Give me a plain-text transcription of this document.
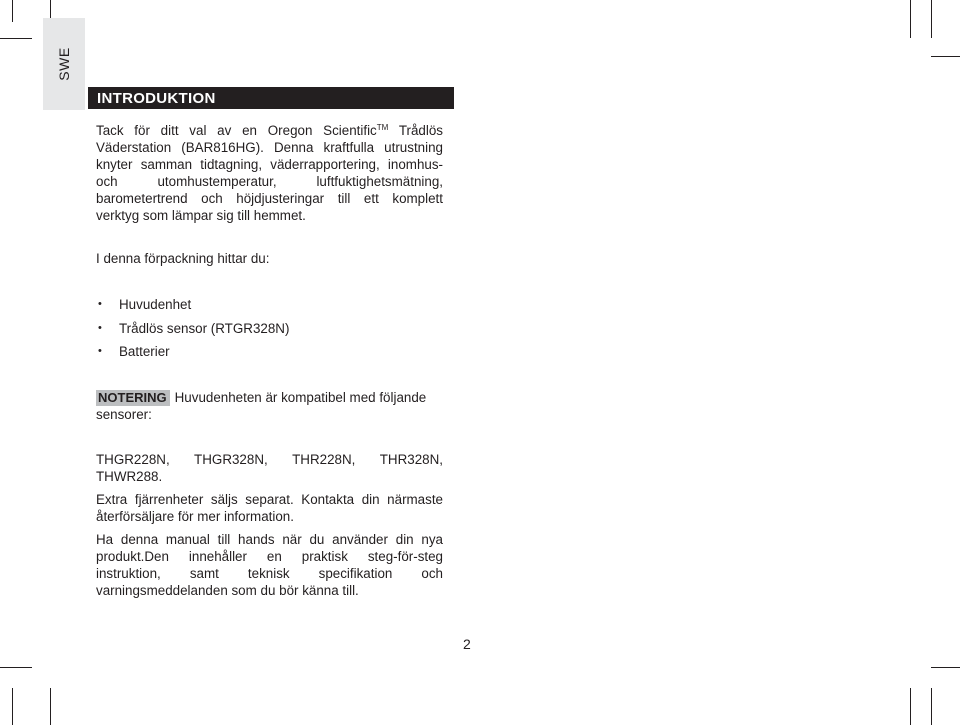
SWE
INTRODUKTION
Tack för ditt val av en Oregon Scientific™ Trådlös
Väderstation (BAR816HG). Denna kraftfulla utrustning
knyter samman tidtagning, väderrapportering, inomhus-
och utomhustemperatur, luftfuktighetsmätning,
barometertrend och höjdjusteringar till ett komplett
verktyg som lämpar sig till hemmet.
I denna förpackning hittar du:
• Huvudenhet
• Trådlös sensor (RTGR328N)
• Batterier
NOTERING Huvudenheten är kompatibel med följande
sensorer:
THGR228N, THGR328N, THR228N, THR328N,
THWR288.
Extra fjärrenheter säljs separat. Kontakta din närmaste
återförsäljare för mer information.
Ha denna manual till hands när du använder din nya
produkt.Den innehåller en praktisk steg-för-steg
instruktion, samt teknisk specifikation och
varningsmeddelanden som du bör känna till.
2
